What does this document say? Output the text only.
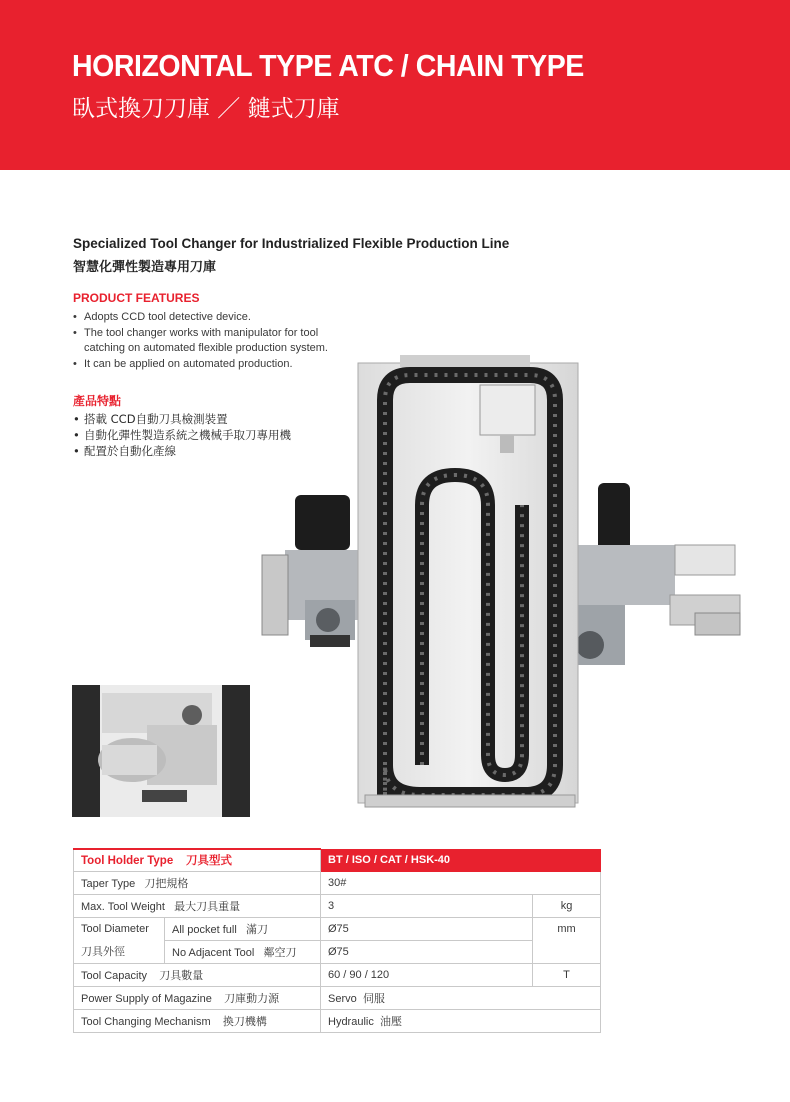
HORIZONTAL TYPE ATC / CHAIN TYPE
臥式換刀刀庫 ／ 鏈式刀庫
Specialized Tool Changer for Industrialized Flexible Production Line
智慧化彈性製造專用刀庫
PRODUCT FEATURES
• Adopts CCD tool detective device.
• The tool changer works with manipulator for tool
catching on automated flexible production system.
• It can be applied on automated production.
產品特點
• 搭載 CCD自動刀具檢測裝置
• 自動化彈性製造系統之機械手取刀專用機
• 配置於自動化產線
Tool Holder Type 刀具型式		BT / ISO / CAT / HSK-40	
Taper Type 刀把規格		30#	
Max. Tool Weight 最大刀具重量		3	kg
Tool Diameter	All pocket full 滿刀	Ø75	mm
刀具外徑	No Adjacent Tool 鄰空刀	Ø75	
Tool Capacity 刀具數量		60 / 90 / 120	T
Power Supply of Magazine 刀庫動力源		Servo 伺服	
Tool Changing Mechanism 換刀機構		Hydraulic 油壓	
